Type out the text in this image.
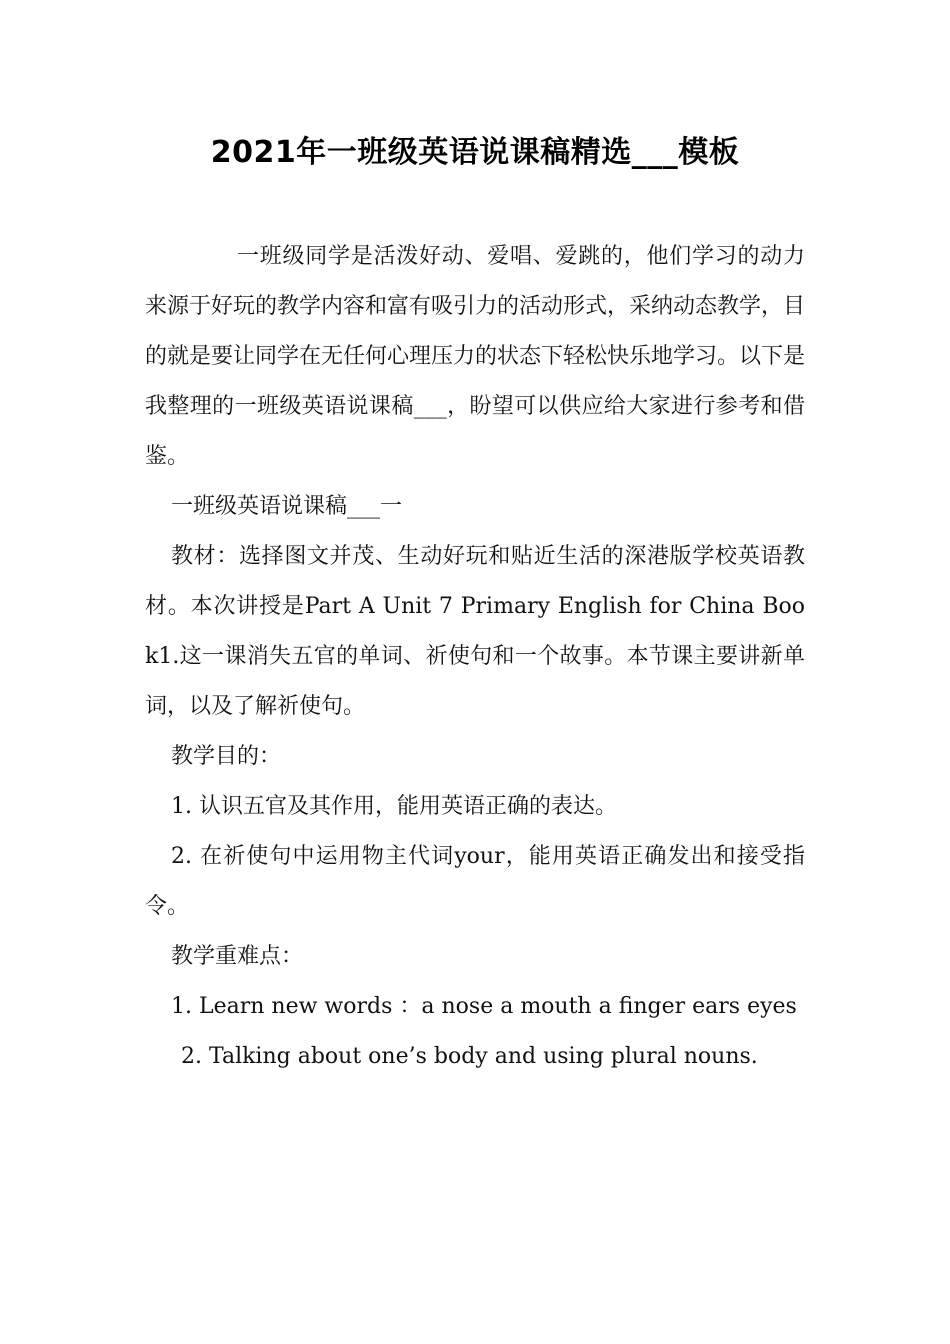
2021年一班级英语说课稿精选___模板

一班级同学是活泼好动、爱唱、爱跳的，他们学习的动力来源于好玩的教学内容和富有吸引力的活动形式，采纳动态教学，目的就是要让同学在无任何心理压力的状态下轻松快乐地学习。以下是我整理的一班级英语说课稿___，盼望可以供应给大家进行参考和借鉴。

一班级英语说课稿___一

教材：选择图文并茂、生动好玩和贴近生活的深港版学校英语教材。本次讲授是Part A Unit 7 Primary English for China Book1.这一课消失五官的单词、祈使句和一个故事。本节课主要讲新单词，以及了解祈使句。

教学目的：

1. 认识五官及其作用，能用英语正确的表达。

2. 在祈使句中运用物主代词your，能用英语正确发出和接受指令。

教学重难点：

1. Learn new words ：a nose a mouth a finger ears eyes

2. Talking about one’s body and using plural nouns.
